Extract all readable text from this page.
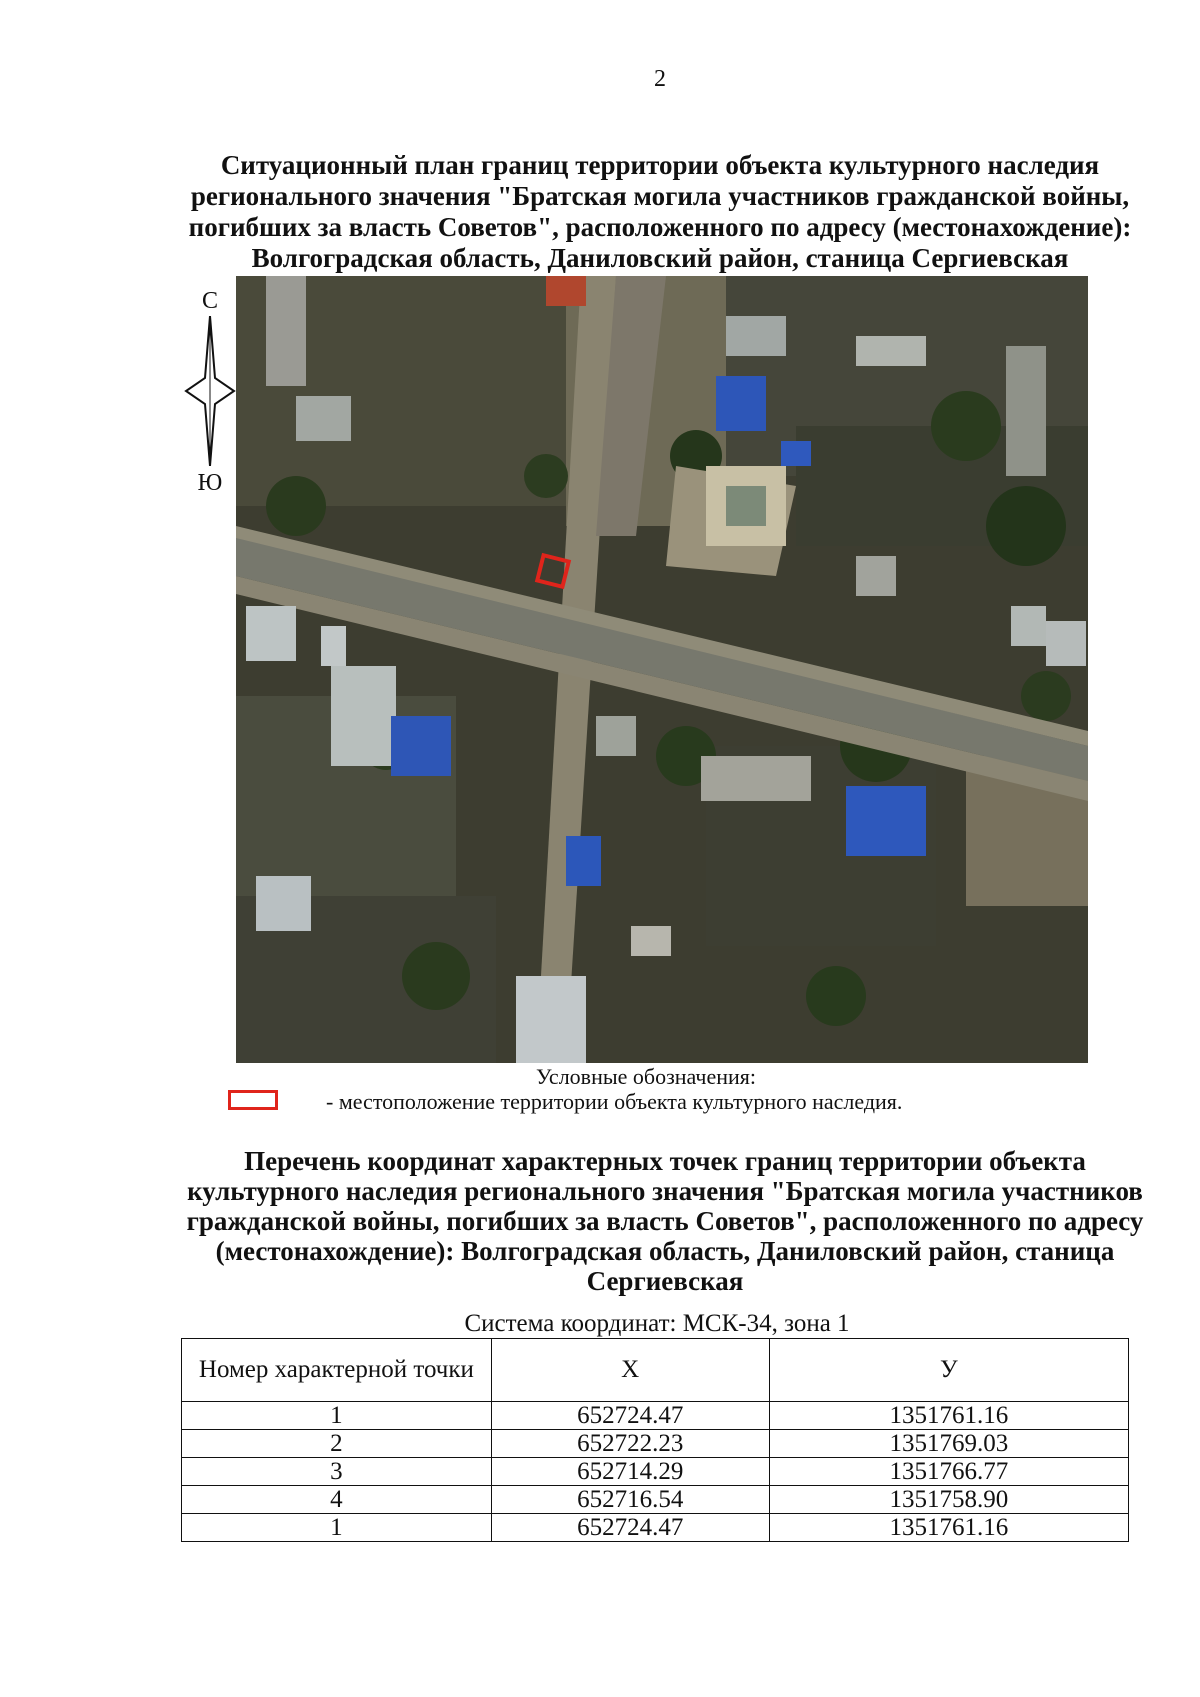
2
Ситуационный план границ территории объекта культурного наследия
регионального значения "Братская могила участников гражданской войны,
погибших за власть Советов", расположенного по адресу (местонахождение):
Волгоградская область, Даниловский район, станица Сергиевская
С
Ю
Условные обозначения:
- местоположение территории объекта культурного наследия.
Перечень координат характерных точек границ территории объекта
культурного наследия регионального значения "Братская могила участников
гражданской войны, погибших за власть Советов", расположенного по адресу
(местонахождение): Волгоградская область, Даниловский район, станица
Сергиевская
Система координат: МСК-34, зона 1
Номер характерной точки	X	У
1	652724.47	1351761.16
2	652722.23	1351769.03
3	652714.29	1351766.77
4	652716.54	1351758.90
1	652724.47	1351761.16
